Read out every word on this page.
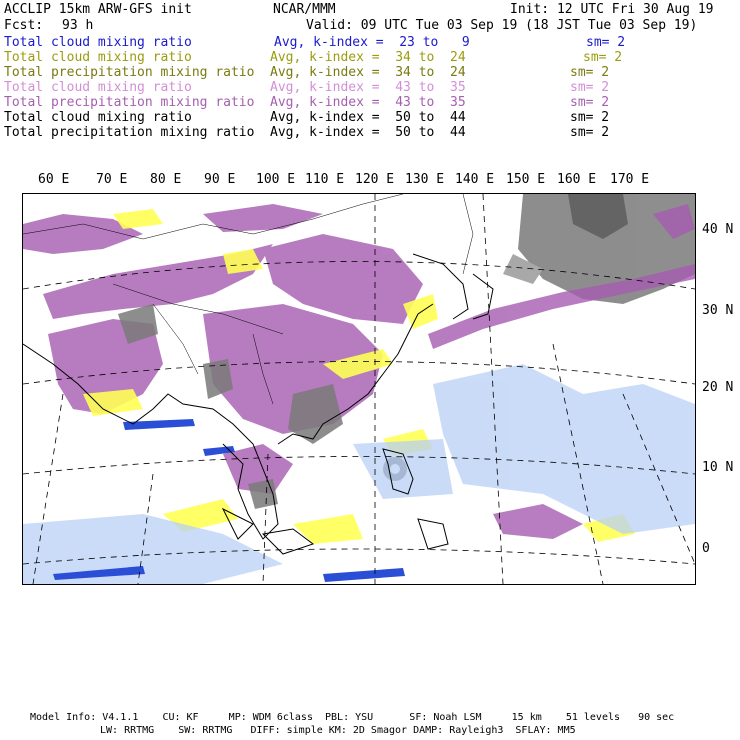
ACCLIP 15km ARW-GFS init	NCAR/MMM	Init: 12 UTC Fri 30 Aug 19
Fcst: 93 h	Valid: 09 UTC Tue 03 Sep 19 (18 JST Tue 03 Sep 19)
Total cloud mixing ratio	Avg, k-index =  23 to   9	sm= 2
Total cloud mixing ratio	Avg, k-index =  34 to  24	sm= 2
Total precipitation mixing ratio Avg, k-index =  34 to  24	sm= 2
Total cloud mixing ratio	Avg, k-index =  43 to  35	sm= 2
Total precipitation mixing ratio Avg, k-index =  43 to  35	sm= 2
Total cloud mixing ratio	Avg, k-index =  50 to  44	sm= 2
Total precipitation mixing ratio Avg, k-index =  50 to  44	sm= 2
60 E 70 E 80 E 90 E 100 E 110 E 120 E 130 E 140 E 150 E 160 E 170 E
40 N
30 N
20 N
10 N
0
Model Info: V4.1.1    CU: KF     MP: WDM 6class  PBL: YSU      SF: Noah LSM     15 km    51 levels   90 sec
LW: RRTMG    SW: RRTMG   DIFF: simple KM: 2D Smagor DAMP: Rayleigh3  SFLAY: MM5
